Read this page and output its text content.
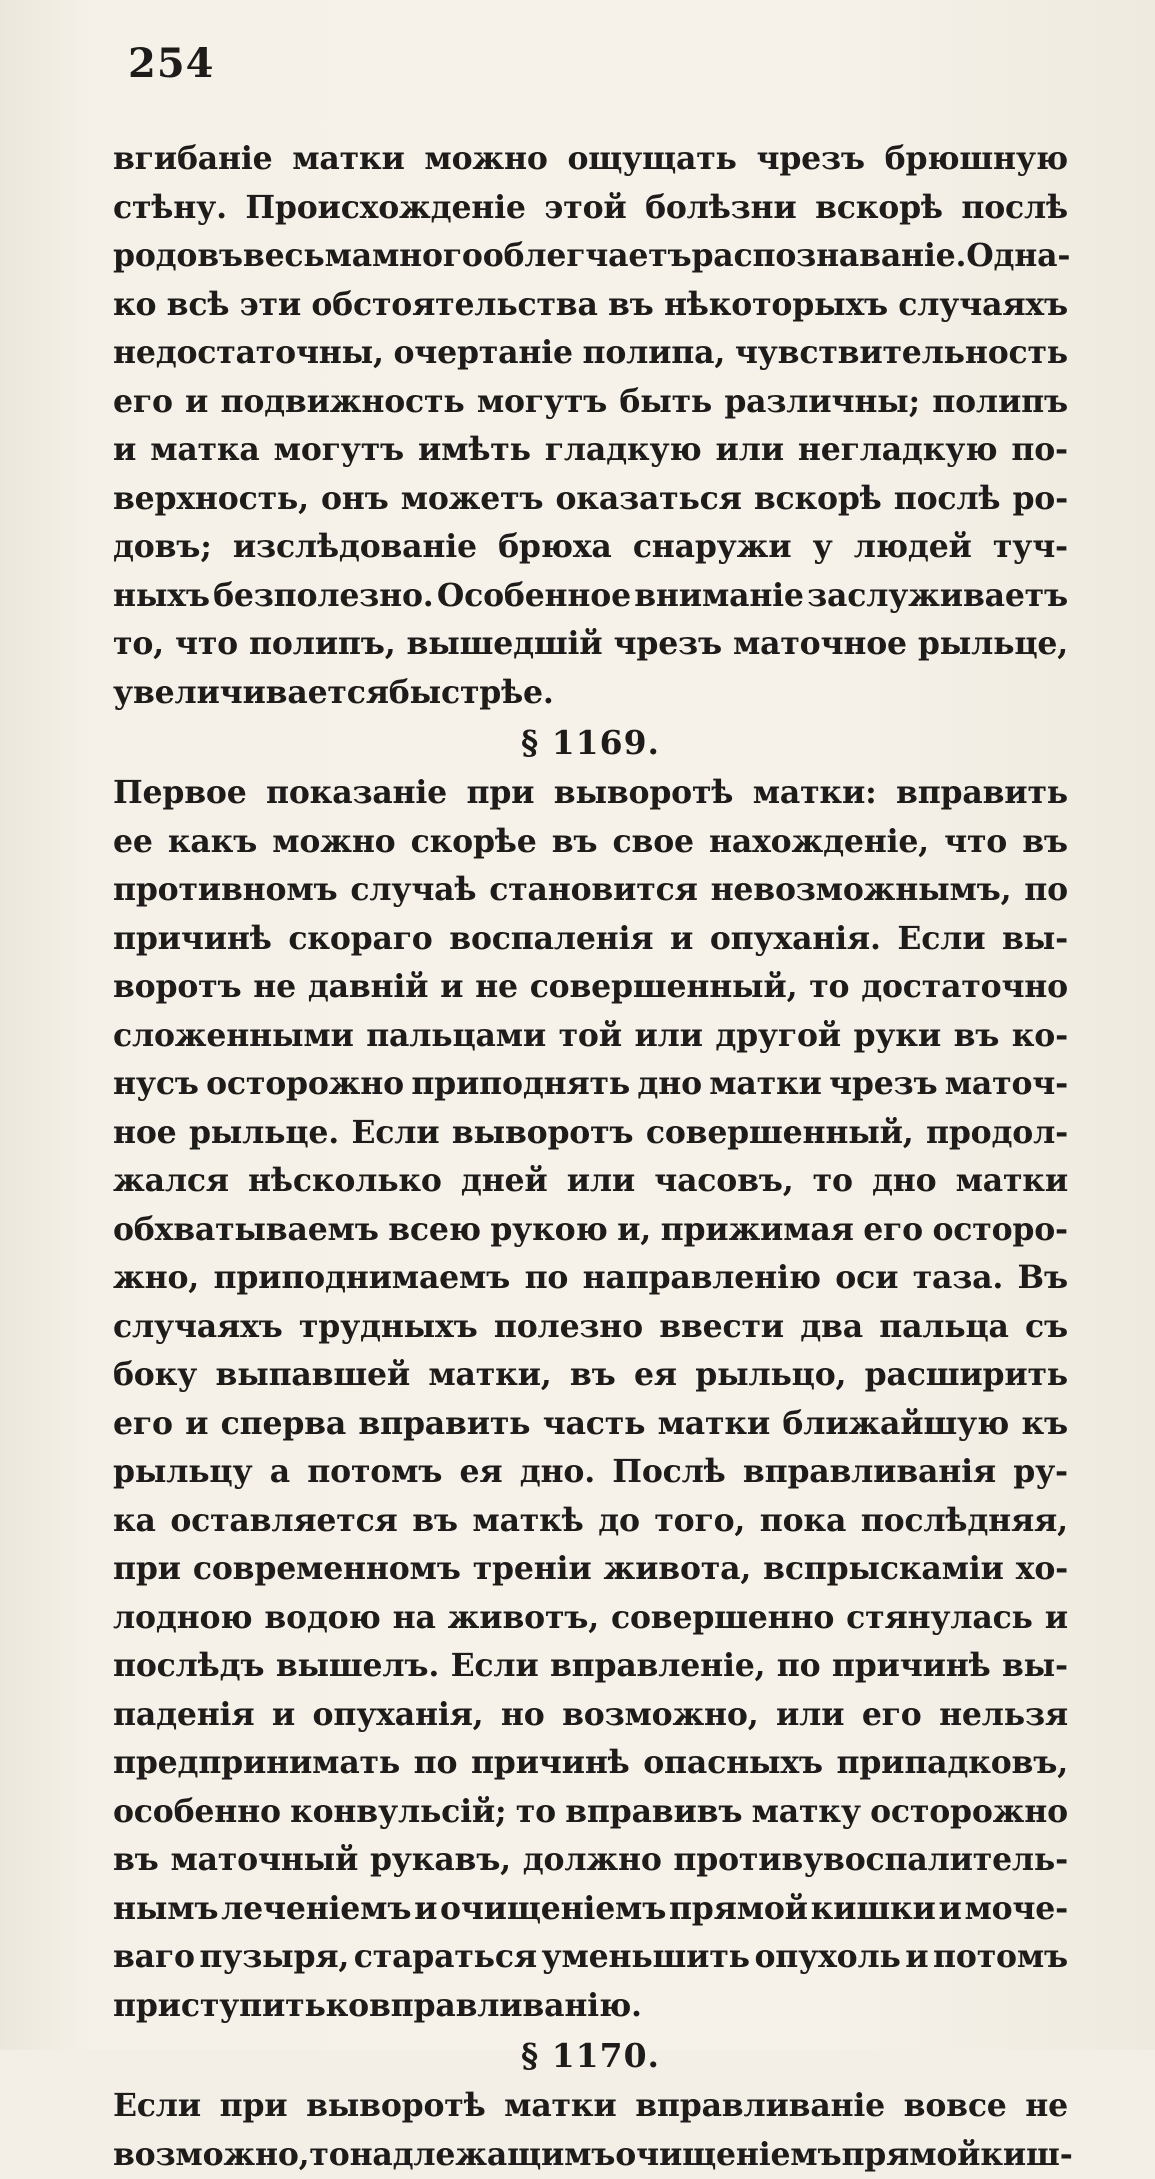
254
вгибаніе матки можно ощущать чрезъ брюшную
стѣну. Происхожденіе этой болѣзни вскорѣ послѣ
родовъ весьма много облегчаетъ распознаваніе. Одна-
ко всѣ эти обстоятельства въ нѣкоторыхъ случаяхъ
недостаточны, очертаніе полипа, чувствительность
его и подвижность могутъ быть различны; полипъ
и матка могутъ имѣть гладкую или негладкую по-
верхность, онъ можетъ оказаться вскорѣ послѣ ро-
довъ; изслѣдованіе брюха снаружи у людей туч-
ныхъ безполезно. Особенное вниманіе заслуживаетъ
то, что полипъ, вышедшій чрезъ маточное рыльце,
увеличивается быстрѣе.
§ 1169.
Первое показаніе при выворотѣ матки: вправить
ее какъ можно скорѣе въ свое нахожденіе, что въ
противномъ случаѣ становится невозможнымъ, по
причинѣ скораго воспаленія и опуханія. Если вы-
воротъ не давній и не совершенный, то достаточно
сложенными пальцами той или другой руки въ ко-
нусъ осторожно приподнять дно матки чрезъ маточ-
ное рыльце. Если выворотъ совершенный, продол-
жался нѣсколько дней или часовъ, то дно матки
обхватываемъ всею рукою и, прижимая его осторо-
жно, приподнимаемъ по направленію оси таза. Въ
случаяхъ трудныхъ полезно ввести два пальца съ
боку выпавшей матки, въ ея рыльцо, расширить
его и сперва вправить часть матки ближайшую къ
рыльцу а потомъ ея дно. Послѣ вправливанія ру-
ка оставляется въ маткѣ до того, пока послѣдняя,
при современномъ треніи живота, вспрыскаміи хо-
лодною водою на животъ, совершенно стянулась и
послѣдъ вышелъ. Если вправленіе, по причинѣ вы-
паденія и опуханія, но возможно, или его нельзя
предпринимать по причинѣ опасныхъ припадковъ,
особенно конвульсій; то вправивъ матку осторожно
въ маточный рукавъ, должно противувоспалитель-
нымъ леченіемъ и очищеніемъ прямой кишки и моче-
ваго пузыря, стараться уменьшить опухоль и потомъ
приступить ко вправливанію.
§ 1170.
Если при выворотѣ матки вправливаніе вовсе не
возможно, то надлежащимъ очищеніемъ прямой киш-
